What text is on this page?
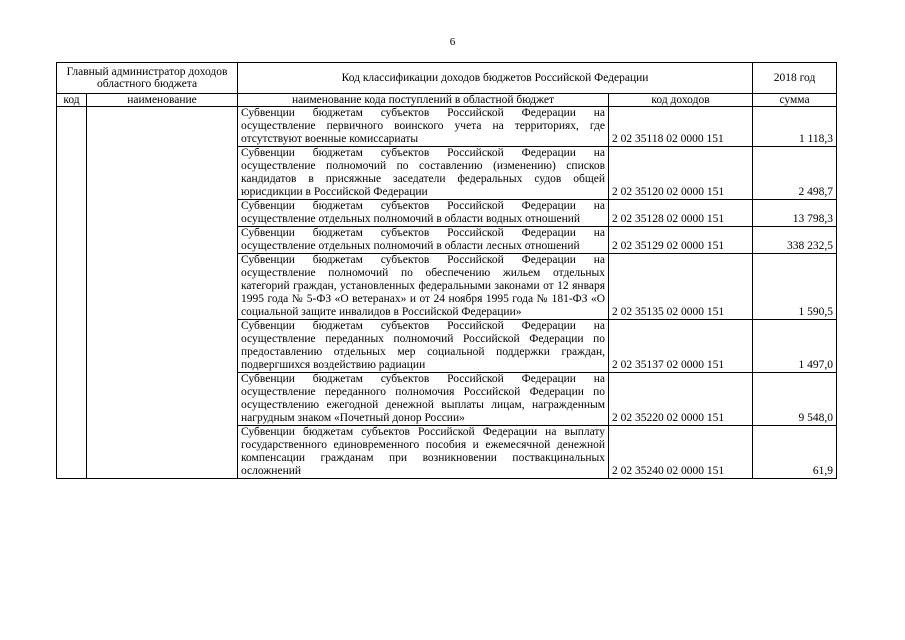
6
Главный администратор доходов областного бюджета		Код классификации доходов бюджетов Российской Федерации		2018 год
код	наименование	наименование кода поступлений в областной бюджет	код доходов	сумма
		Субвенции бюджетам субъектов Российской Федерации на осуществление первичного воинского учета на территориях, где отсутствуют военные комиссариаты	2 02 35118 02 0000 151	1 118,3
		Субвенции бюджетам субъектов Российской Федерации на осуществление полномочий по составлению (изменению) списков кандидатов в присяжные заседатели федеральных судов общей юрисдикции в Российской Федерации	2 02 35120 02 0000 151	2 498,7
		Субвенции бюджетам субъектов Российской Федерации на осуществление отдельных полномочий в области водных отношений	2 02 35128 02 0000 151	13 798,3
		Субвенции бюджетам субъектов Российской Федерации на осуществление отдельных полномочий в области лесных отношений	2 02 35129 02 0000 151	338 232,5
		Субвенции бюджетам субъектов Российской Федерации на осуществление полномочий по обеспечению жильем отдельных категорий граждан, установленных федеральными законами от 12 января 1995 года № 5-ФЗ «О ветеранах» и от 24 ноября 1995 года № 181-ФЗ «О социальной защите инвалидов в Российской Федерации»	2 02 35135 02 0000 151	1 590,5
		Субвенции бюджетам субъектов Российской Федерации на осуществление переданных полномочий Российской Федерации по предоставлению отдельных мер социальной поддержки граждан, подвергшихся воздействию радиации	2 02 35137 02 0000 151	1 497,0
		Субвенции бюджетам субъектов Российской Федерации на осуществление переданного полномочия Российской Федерации по осуществлению ежегодной денежной выплаты лицам, награжденным нагрудным знаком «Почетный донор России»	2 02 35220 02 0000 151	9 548,0
		Субвенции бюджетам субъектов Российской Федерации на выплату государственного единовременного пособия и ежемесячной денежной компенсации гражданам при возникновении поствакцинальных осложнений	2 02 35240 02 0000 151	61,9
